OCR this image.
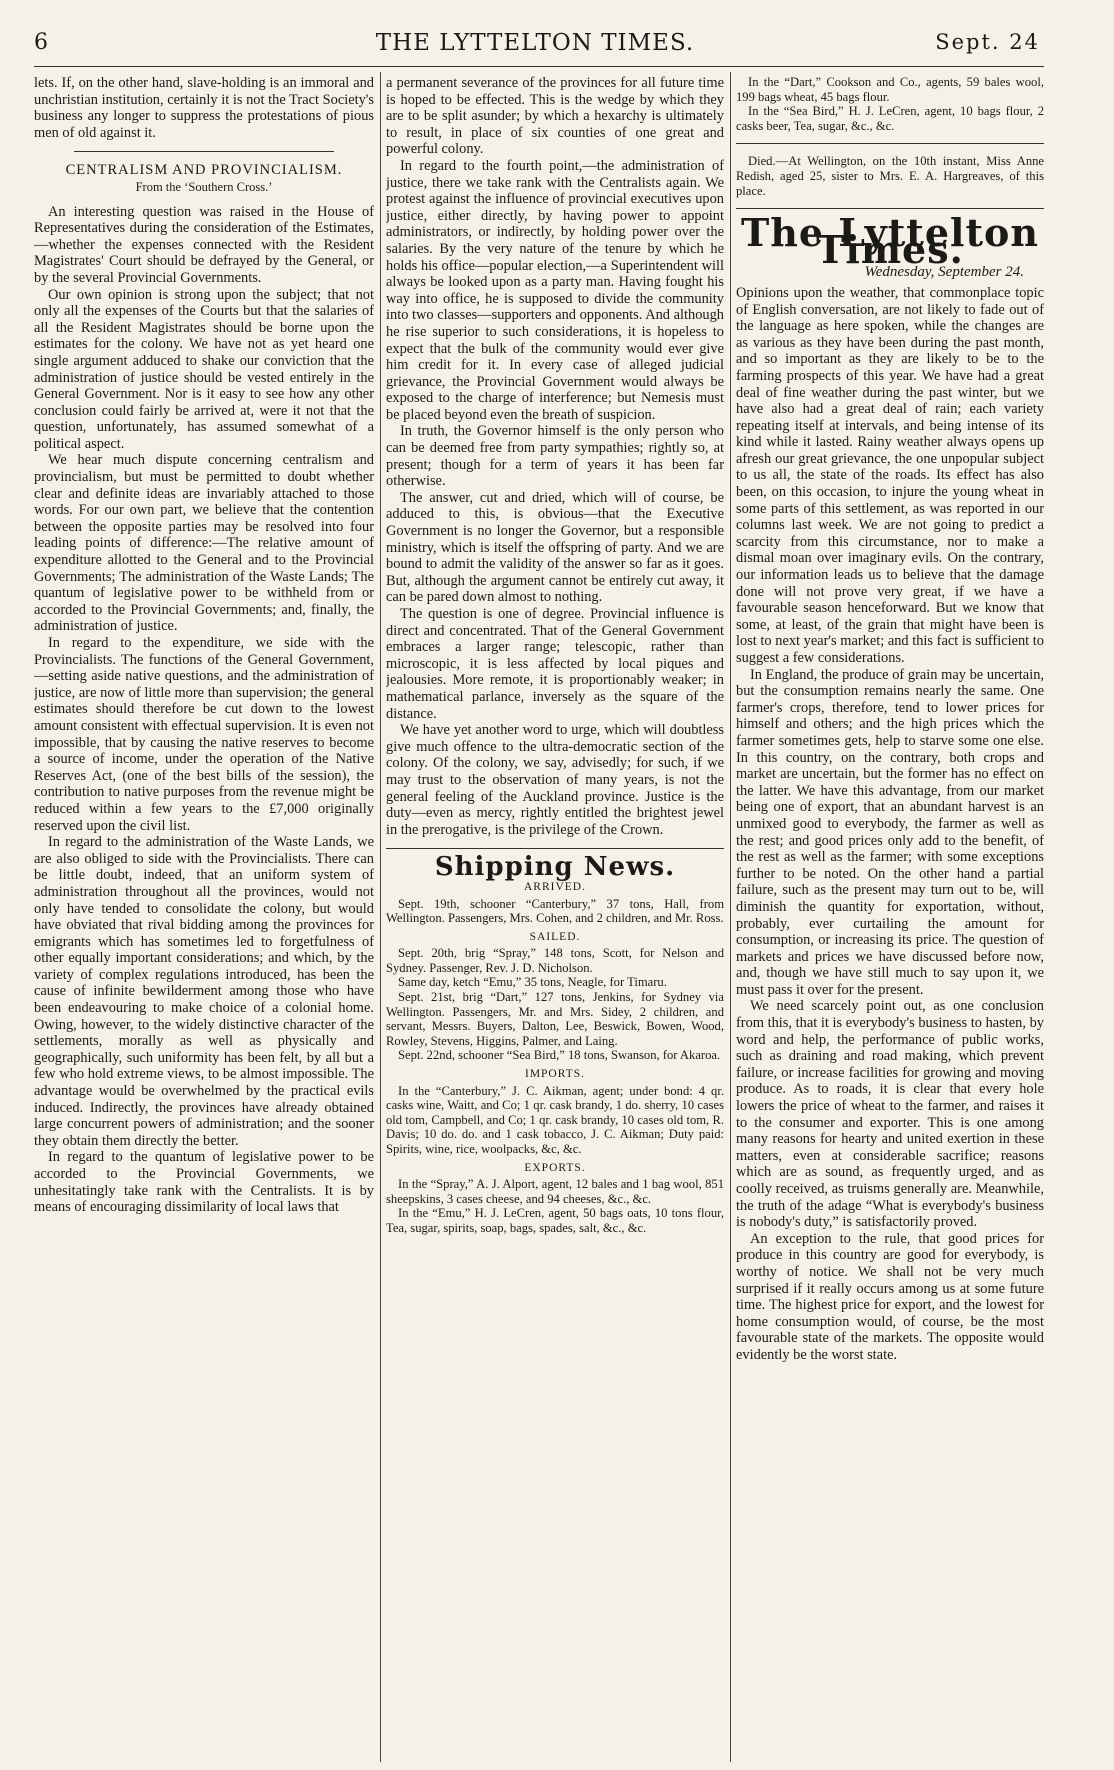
6	THE LYTTELTON TIMES.	Sept. 24

lets. If, on the other hand, slave-holding is an immoral and unchristian institution, certainly it is not the Tract Society's business any longer to suppress the protestations of pious men of old against it.

CENTRALISM AND PROVINCIALISM.
From the ‘Southern Cross.’

An interesting question was raised in the House of Representatives during the consideration of the Estimates,—whether the expenses connected with the Resident Magistrates' Court should be defrayed by the General, or by the several Provincial Governments.

Our own opinion is strong upon the subject; that not only all the expenses of the Courts but that the salaries of all the Resident Magistrates should be borne upon the estimates for the colony. We have not as yet heard one single argument adduced to shake our conviction that the administration of justice should be vested entirely in the General Government. Nor is it easy to see how any other conclusion could fairly be arrived at, were it not that the question, unfortunately, has assumed somewhat of a political aspect.

We hear much dispute concerning centralism and provincialism, but must be permitted to doubt whether clear and definite ideas are invariably attached to those words. For our own part, we believe that the contention between the opposite parties may be resolved into four leading points of difference:—The relative amount of expenditure allotted to the General and to the Provincial Governments; The administration of the Waste Lands; The quantum of legislative power to be withheld from or accorded to the Provincial Governments; and, finally, the administration of justice.

In regard to the expenditure, we side with the Provincialists. The functions of the General Government,—setting aside native questions, and the administration of justice, are now of little more than supervision; the general estimates should therefore be cut down to the lowest amount consistent with effectual supervision. It is even not impossible, that by causing the native reserves to become a source of income, under the operation of the Native Reserves Act, (one of the best bills of the session), the contribution to native purposes from the revenue might be reduced within a few years to the £7,000 originally reserved upon the civil list.

In regard to the administration of the Waste Lands, we are also obliged to side with the Provincialists. There can be little doubt, indeed, that an uniform system of administration throughout all the provinces, would not only have tended to consolidate the colony, but would have obviated that rival bidding among the provinces for emigrants which has sometimes led to forgetfulness of other equally important considerations; and which, by the variety of complex regulations introduced, has been the cause of infinite bewilderment among those who have been endeavouring to make choice of a colonial home. Owing, however, to the widely distinctive character of the settlements, morally as well as physically and geographically, such uniformity has been felt, by all but a few who hold extreme views, to be almost impossible. The advantage would be overwhelmed by the practical evils induced. Indirectly, the provinces have already obtained large concurrent powers of administration; and the sooner they obtain them directly the better.

In regard to the quantum of legislative power to be accorded to the Provincial Governments, we unhesitatingly take rank with the Centralists. It is by means of encouraging dissimilarity of local laws that

a permanent severance of the provinces for all future time is hoped to be effected. This is the wedge by which they are to be split asunder; by which a hexarchy is ultimately to result, in place of six counties of one great and powerful colony.

In regard to the fourth point,—the administration of justice, there we take rank with the Centralists again. We protest against the influence of provincial executives upon justice, either directly, by having power to appoint administrators, or indirectly, by holding power over the salaries. By the very nature of the tenure by which he holds his office—popular election,—a Superintendent will always be looked upon as a party man. Having fought his way into office, he is supposed to divide the community into two classes—supporters and opponents. And although he rise superior to such considerations, it is hopeless to expect that the bulk of the community would ever give him credit for it. In every case of alleged judicial grievance, the Provincial Government would always be exposed to the charge of interference; but Nemesis must be placed beyond even the breath of suspicion.

In truth, the Governor himself is the only person who can be deemed free from party sympathies; rightly so, at present; though for a term of years it has been far otherwise.

The answer, cut and dried, which will of course, be adduced to this, is obvious—that the Executive Government is no longer the Governor, but a responsible ministry, which is itself the offspring of party. And we are bound to admit the validity of the answer so far as it goes. But, although the argument cannot be entirely cut away, it can be pared down almost to nothing.

The question is one of degree. Provincial influence is direct and concentrated. That of the General Government embraces a larger range; telescopic, rather than microscopic, it is less affected by local piques and jealousies. More remote, it is proportionably weaker; in mathematical parlance, inversely as the square of the distance.

We have yet another word to urge, which will doubtless give much offence to the ultra-democratic section of the colony. Of the colony, we say, advisedly; for such, if we may trust to the observation of many years, is not the general feeling of the Auckland province. Justice is the duty—even as mercy, rightly entitled the brightest jewel in the prerogative, is the privilege of the Crown.

Shipping News.
ARRIVED.

Sept. 19th, schooner “Canterbury,” 37 tons, Hall, from Wellington. Passengers, Mrs. Cohen, and 2 children, and Mr. Ross.

SAILED.

Sept. 20th, brig “Spray,” 148 tons, Scott, for Nelson and Sydney. Passenger, Rev. J. D. Nicholson.

Same day, ketch “Emu,” 35 tons, Neagle, for Timaru.

Sept. 21st, brig “Dart,” 127 tons, Jenkins, for Sydney via Wellington. Passengers, Mr. and Mrs. Sidey, 2 children, and servant, Messrs. Buyers, Dalton, Lee, Beswick, Bowen, Wood, Rowley, Stevens, Higgins, Palmer, and Laing.

Sept. 22nd, schooner “Sea Bird,” 18 tons, Swanson, for Akaroa.

IMPORTS.

In the “Canterbury,” J. C. Aikman, agent; under bond: 4 qr. casks wine, Waitt, and Co; 1 qr. cask brandy, 1 do. sherry, 10 cases old tom, Campbell, and Co; 1 qr. cask brandy, 10 cases old tom, R. Davis; 10 do. do. and 1 cask tobacco, J. C. Aikman; Duty paid: Spirits, wine, rice, woolpacks, &c, &c.

EXPORTS.

In the “Spray,” A. J. Alport, agent, 12 bales and 1 bag wool, 851 sheepskins, 3 cases cheese, and 94 cheeses, &c., &c.

In the “Emu,” H. J. LeCren, agent, 50 bags oats, 10 tons flour, Tea, sugar, spirits, soap, bags, spades, salt, &c., &c.

In the “Dart,” Cookson and Co., agents, 59 bales wool, 199 bags wheat, 45 bags flour.

In the “Sea Bird,” H. J. LeCren, agent, 10 bags flour, 2 casks beer, Tea, sugar, &c., &c.

Died.—At Wellington, on the 10th instant, Miss Anne Redish, aged 25, sister to Mrs. E. A. Hargreaves, of this place.

The Lyttelton Times.
Wednesday, September 24.

Opinions upon the weather, that commonplace topic of English conversation, are not likely to fade out of the language as here spoken, while the changes are as various as they have been during the past month, and so important as they are likely to be to the farming prospects of this year. We have had a great deal of fine weather during the past winter, but we have also had a great deal of rain; each variety repeating itself at intervals, and being intense of its kind while it lasted. Rainy weather always opens up afresh our great grievance, the one unpopular subject to us all, the state of the roads. Its effect has also been, on this occasion, to injure the young wheat in some parts of this settlement, as was reported in our columns last week. We are not going to predict a scarcity from this circumstance, nor to make a dismal moan over imaginary evils. On the contrary, our information leads us to believe that the damage done will not prove very great, if we have a favourable season henceforward. But we know that some, at least, of the grain that might have been is lost to next year's market; and this fact is sufficient to suggest a few considerations.

In England, the produce of grain may be uncertain, but the consumption remains nearly the same. One farmer's crops, therefore, tend to lower prices for himself and others; and the high prices which the farmer sometimes gets, help to starve some one else. In this country, on the contrary, both crops and market are uncertain, but the former has no effect on the latter. We have this advantage, from our market being one of export, that an abundant harvest is an unmixed good to everybody, the farmer as well as the rest; and good prices only add to the benefit, of the rest as well as the farmer; with some exceptions further to be noted. On the other hand a partial failure, such as the present may turn out to be, will diminish the quantity for exportation, without, probably, ever curtailing the amount for consumption, or increasing its price. The question of markets and prices we have discussed before now, and, though we have still much to say upon it, we must pass it over for the present.

We need scarcely point out, as one conclusion from this, that it is everybody's business to hasten, by word and help, the performance of public works, such as draining and road making, which prevent failure, or increase facilities for growing and moving produce. As to roads, it is clear that every hole lowers the price of wheat to the farmer, and raises it to the consumer and exporter. This is one among many reasons for hearty and united exertion in these matters, even at considerable sacrifice; reasons which are as sound, as frequently urged, and as coolly received, as truisms generally are. Meanwhile, the truth of the adage “What is everybody's business is nobody's duty,” is satisfactorily proved.

An exception to the rule, that good prices for produce in this country are good for everybody, is worthy of notice. We shall not be very much surprised if it really occurs among us at some future time. The highest price for export, and the lowest for home consumption would, of course, be the most favourable state of the markets. The opposite would evidently be the worst state.
